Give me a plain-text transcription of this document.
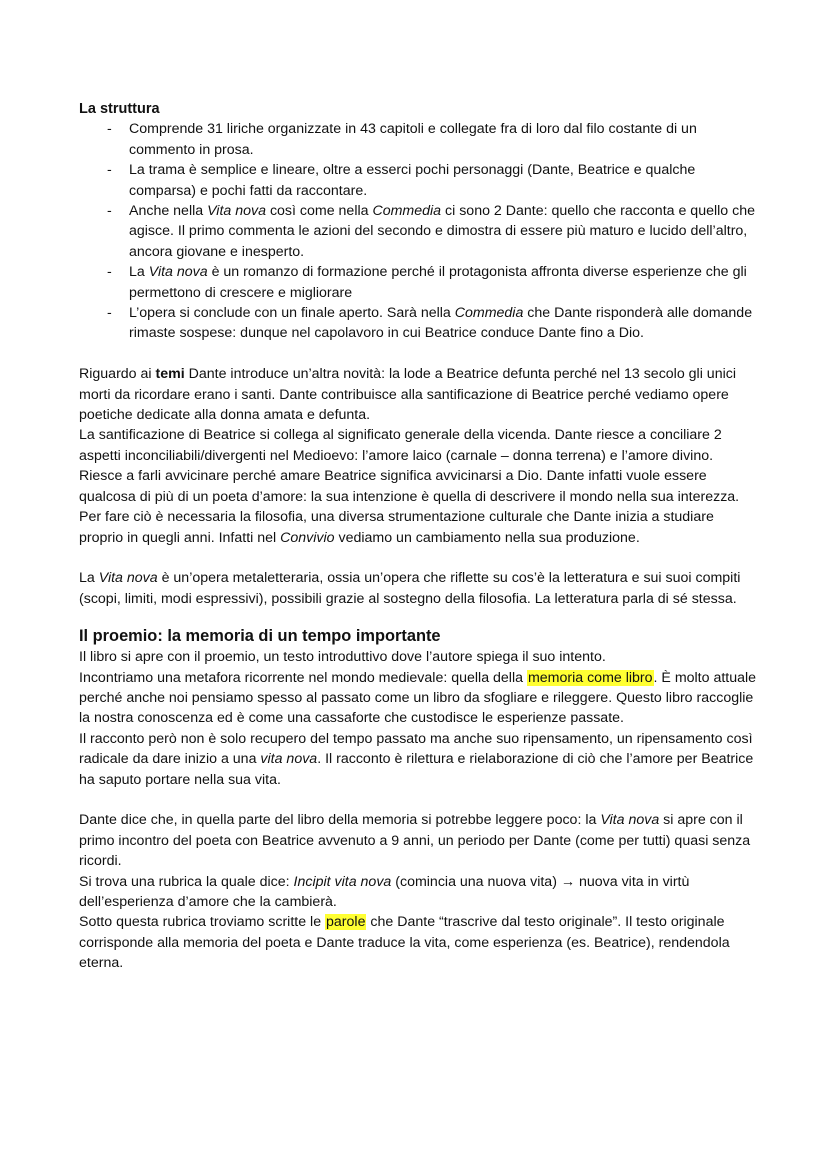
La struttura
- Comprende 31 liriche organizzate in 43 capitoli e collegate fra di loro dal filo costante di un commento in prosa.
- La trama è semplice e lineare, oltre a esserci pochi personaggi (Dante, Beatrice e qualche comparsa) e pochi fatti da raccontare.
- Anche nella Vita nova così come nella Commedia ci sono 2 Dante: quello che racconta e quello che agisce. Il primo commenta le azioni del secondo e dimostra di essere più maturo e lucido dell’altro, ancora giovane e inesperto.
- La Vita nova è un romanzo di formazione perché il protagonista affronta diverse esperienze che gli permettono di crescere e migliorare
- L’opera si conclude con un finale aperto. Sarà nella Commedia che Dante risponderà alle domande rimaste sospese: dunque nel capolavoro in cui Beatrice conduce Dante fino a Dio.

Riguardo ai temi Dante introduce un’altra novità: la lode a Beatrice defunta perché nel 13 secolo gli unici morti da ricordare erano i santi. Dante contribuisce alla santificazione di Beatrice perché vediamo opere poetiche dedicate alla donna amata e defunta.

La santificazione di Beatrice si collega al significato generale della vicenda. Dante riesce a conciliare 2 aspetti inconciliabili/divergenti nel Medioevo: l’amore laico (carnale – donna terrena) e l’amore divino.

Riesce a farli avvicinare perché amare Beatrice significa avvicinarsi a Dio. Dante infatti vuole essere qualcosa di più di un poeta d’amore: la sua intenzione è quella di descrivere il mondo nella sua interezza. Per fare ciò è necessaria la filosofia, una diversa strumentazione culturale che Dante inizia a studiare proprio in quegli anni. Infatti nel Convivio vediamo un cambiamento nella sua produzione.

La Vita nova è un’opera metaletteraria, ossia un’opera che riflette su cos’è la letteratura e sui suoi compiti (scopi, limiti, modi espressivi), possibili grazie al sostegno della filosofia. La letteratura parla di sé stessa.

Il proemio: la memoria di un tempo importante

Il libro si apre con il proemio, un testo introduttivo dove l’autore spiega il suo intento.

Incontriamo una metafora ricorrente nel mondo medievale: quella della memoria come libro. È molto attuale perché anche noi pensiamo spesso al passato come un libro da sfogliare e rileggere. Questo libro raccoglie la nostra conoscenza ed è come una cassaforte che custodisce le esperienze passate.

Il racconto però non è solo recupero del tempo passato ma anche suo ripensamento, un ripensamento così radicale da dare inizio a una vita nova. Il racconto è rilettura e rielaborazione di ciò che l’amore per Beatrice ha saputo portare nella sua vita.

Dante dice che, in quella parte del libro della memoria si potrebbe leggere poco: la Vita nova si apre con il primo incontro del poeta con Beatrice avvenuto a 9 anni, un periodo per Dante (come per tutti) quasi senza ricordi.

Si trova una rubrica la quale dice: Incipit vita nova (comincia una nuova vita) → nuova vita in virtù dell’esperienza d’amore che la cambierà.

Sotto questa rubrica troviamo scritte le parole che Dante “trascrive dal testo originale”. Il testo originale corrisponde alla memoria del poeta e Dante traduce la vita, come esperienza (es. Beatrice), rendendola eterna.
